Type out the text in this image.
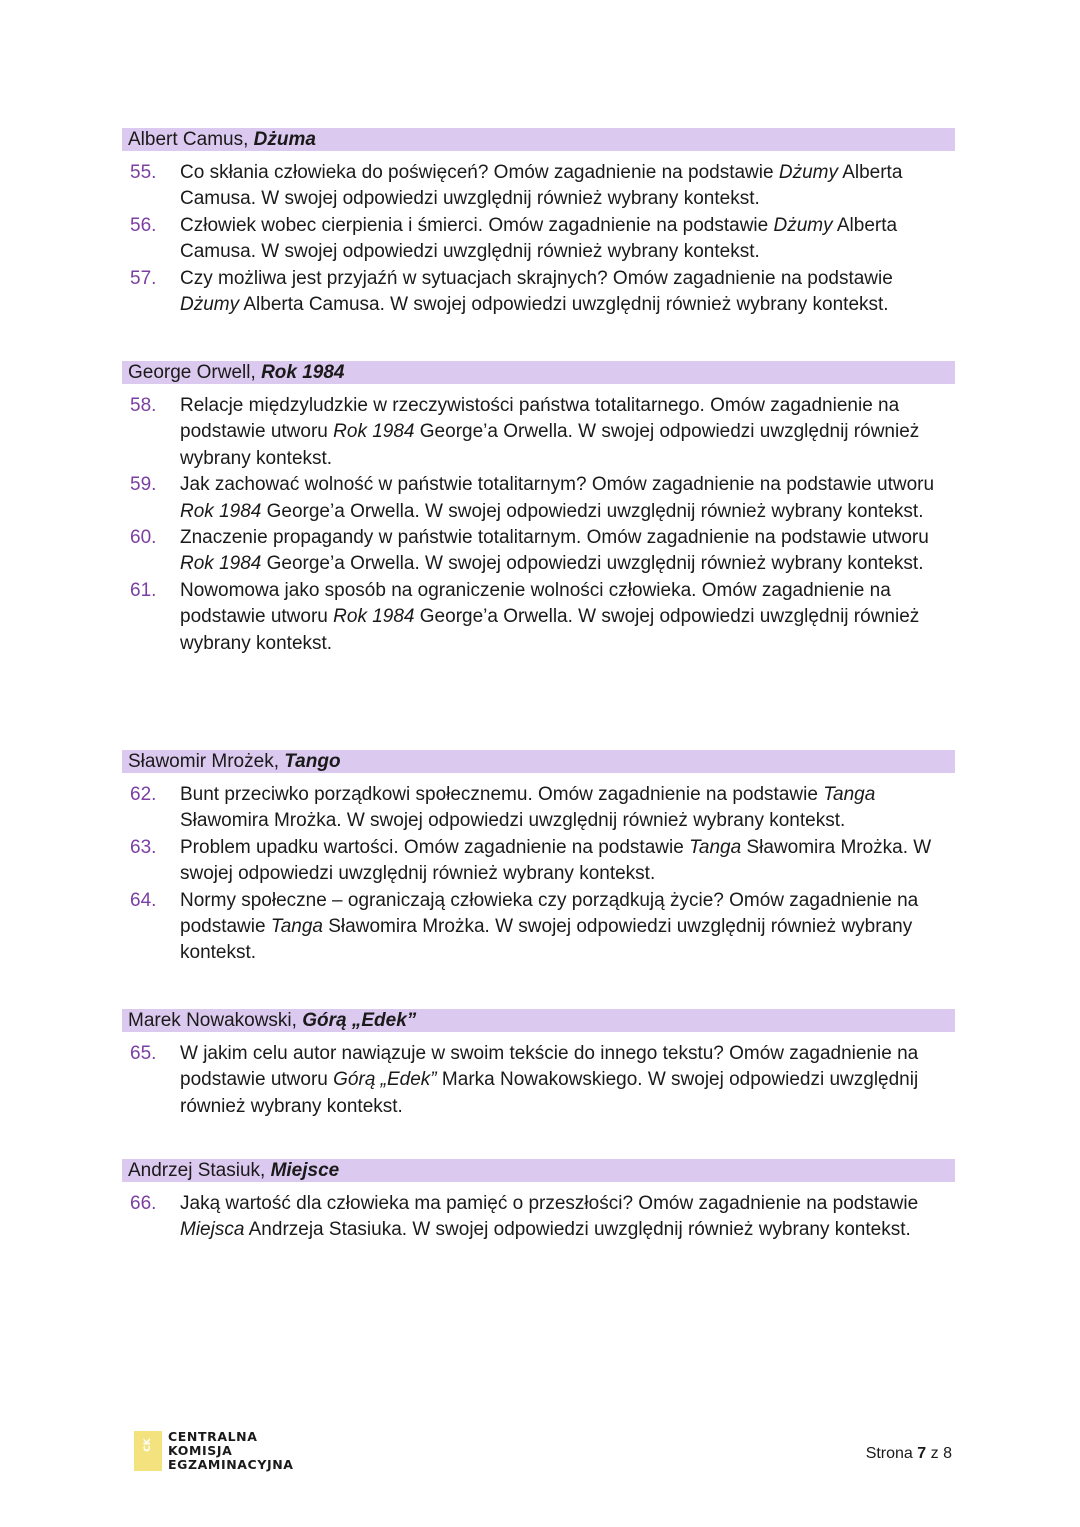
Albert Camus, Dżuma
55. Co skłania człowieka do poświęceń? Omów zagadnienie na podstawie Dżumy Alberta Camusa. W swojej odpowiedzi uwzględnij również wybrany kontekst.
56. Człowiek wobec cierpienia i śmierci. Omów zagadnienie na podstawie Dżumy Alberta Camusa. W swojej odpowiedzi uwzględnij również wybrany kontekst.
57. Czy możliwa jest przyjaźń w sytuacjach skrajnych? Omów zagadnienie na podstawie Dżumy Alberta Camusa. W swojej odpowiedzi uwzględnij również wybrany kontekst.
George Orwell, Rok 1984
58. Relacje międzyludzkie w rzeczywistości państwa totalitarnego. Omów zagadnienie na podstawie utworu Rok 1984 George’a Orwella. W swojej odpowiedzi uwzględnij również wybrany kontekst.
59. Jak zachować wolność w państwie totalitarnym? Omów zagadnienie na podstawie utworu Rok 1984 George’a Orwella. W swojej odpowiedzi uwzględnij również wybrany kontekst.
60. Znaczenie propagandy w państwie totalitarnym. Omów zagadnienie na podstawie utworu Rok 1984 George’a Orwella. W swojej odpowiedzi uwzględnij również wybrany kontekst.
61. Nowomowa jako sposób na ograniczenie wolności człowieka. Omów zagadnienie na podstawie utworu Rok 1984 George’a Orwella. W swojej odpowiedzi uwzględnij również wybrany kontekst.
Sławomir Mrożek, Tango
62. Bunt przeciwko porządkowi społecznemu. Omów zagadnienie na podstawie Tanga Sławomira Mrożka. W swojej odpowiedzi uwzględnij również wybrany kontekst.
63. Problem upadku wartości. Omów zagadnienie na podstawie Tanga Sławomira Mrożka. W swojej odpowiedzi uwzględnij również wybrany kontekst.
64. Normy społeczne – ograniczają człowieka czy porządkują życie? Omów zagadnienie na podstawie Tanga Sławomira Mrożka. W swojej odpowiedzi uwzględnij również wybrany kontekst.
Marek Nowakowski, Górą „Edek”
65. W jakim celu autor nawiązuje w swoim tekście do innego tekstu? Omów zagadnienie na podstawie utworu Górą „Edek” Marka Nowakowskiego. W swojej odpowiedzi uwzględnij również wybrany kontekst.
Andrzej Stasiuk, Miejsce
66. Jaką wartość dla człowieka ma pamięć o przeszłości? Omów zagadnienie na podstawie Miejsca Andrzeja Stasiuka. W swojej odpowiedzi uwzględnij również wybrany kontekst.
CK
CENTRALNA
KOMISJA
EGZAMINACYJNA
Strona 7 z 8
